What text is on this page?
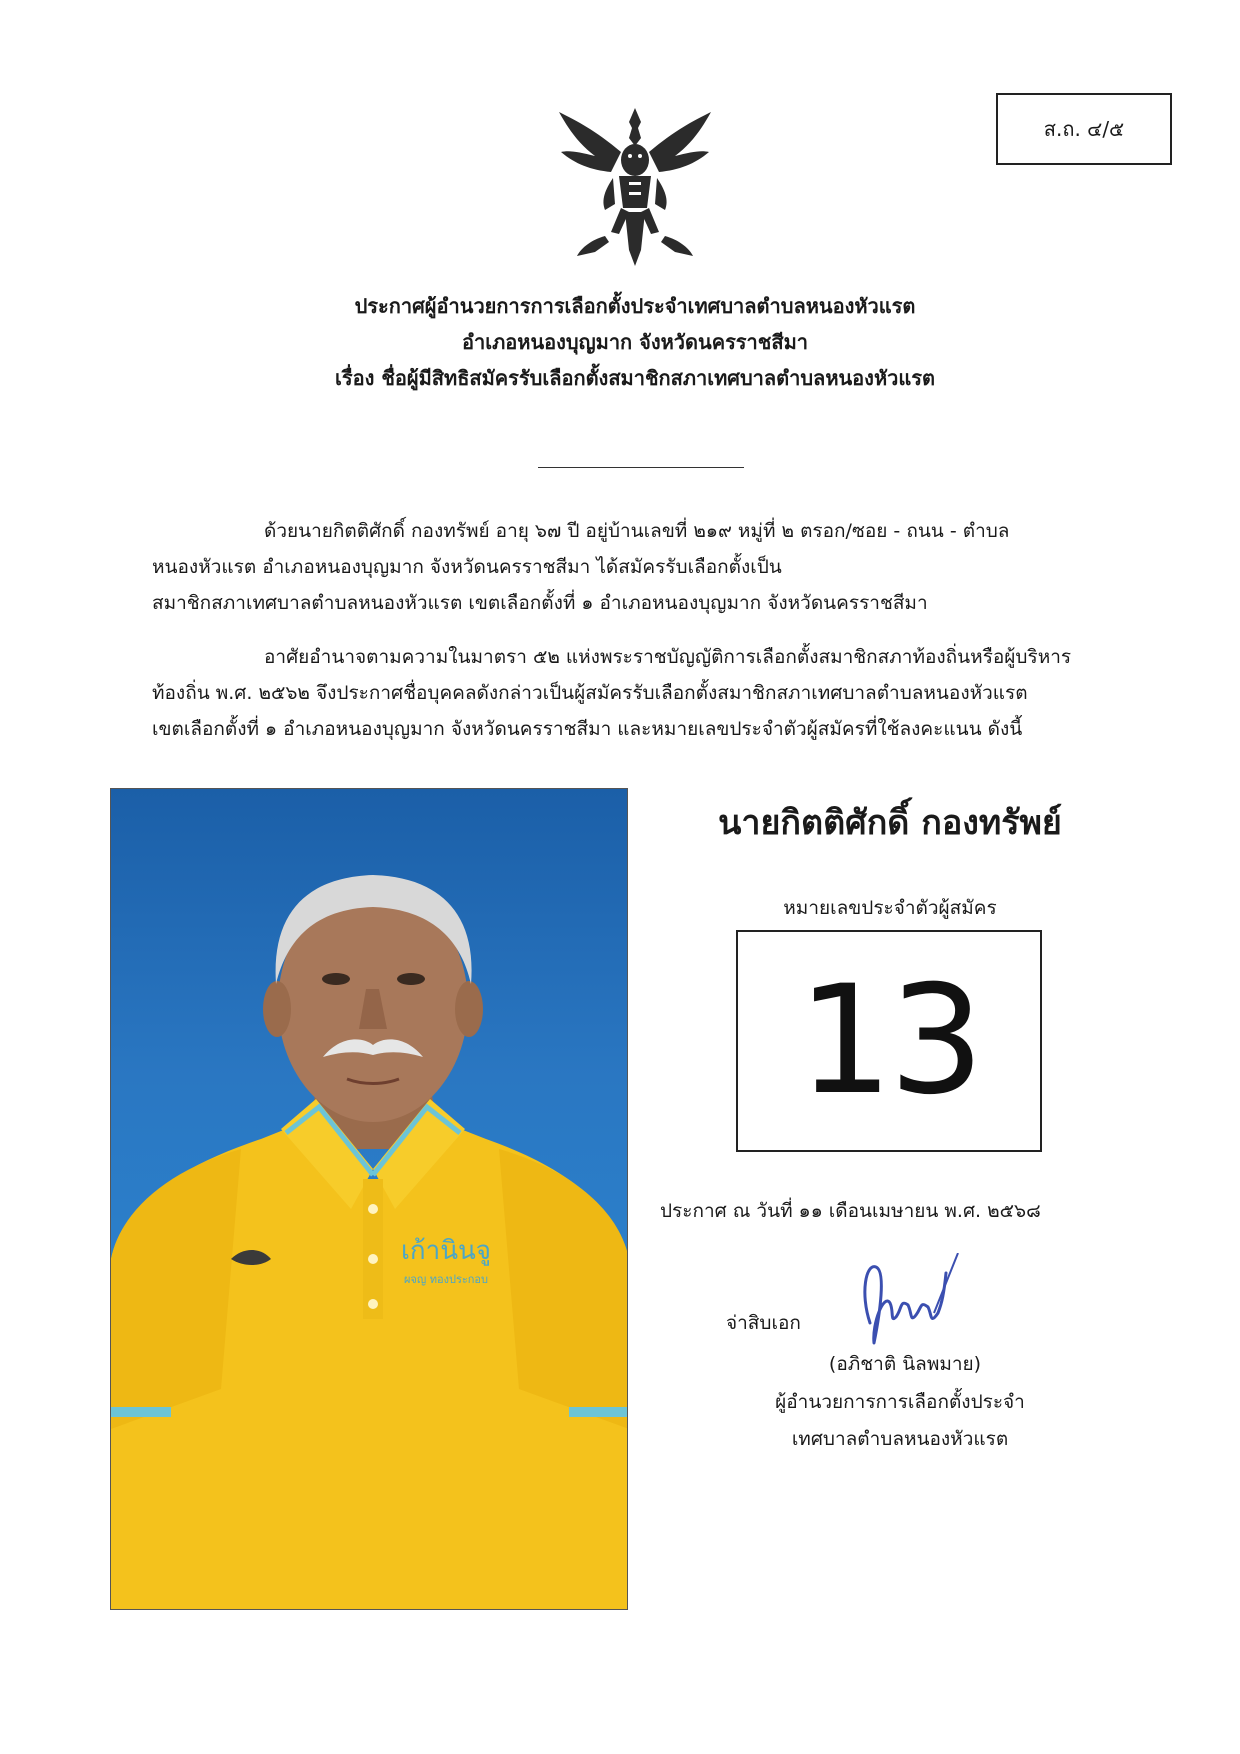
ส.ถ. ๔/๕
ประกาศผู้อำนวยการการเลือกตั้งประจำเทศบาลตำบลหนองหัวแรต
อำเภอหนองบุญมาก จังหวัดนครราชสีมา
เรื่อง ชื่อผู้มีสิทธิสมัครรับเลือกตั้งสมาชิกสภาเทศบาลตำบลหนองหัวแรต
ด้วยนายกิตติศักดิ์ กองทรัพย์ อายุ ๖๗ ปี อยู่บ้านเลขที่ ๒๑๙ หมู่ที่ ๒ ตรอก/ซอย - ถนน - ตำบล
หนองหัวแรต อำเภอหนองบุญมาก จังหวัดนครราชสีมา ได้สมัครรับเลือกตั้งเป็น
สมาชิกสภาเทศบาลตำบลหนองหัวแรต เขตเลือกตั้งที่ ๑ อำเภอหนองบุญมาก จังหวัดนครราชสีมา
อาศัยอำนาจตามความในมาตรา ๕๒ แห่งพระราชบัญญัติการเลือกตั้งสมาชิกสภาท้องถิ่นหรือผู้บริหาร
ท้องถิ่น พ.ศ. ๒๕๖๒ จึงประกาศชื่อบุคคลดังกล่าวเป็นผู้สมัครรับเลือกตั้งสมาชิกสภาเทศบาลตำบลหนองหัวแรต
เขตเลือกตั้งที่ ๑ อำเภอหนองบุญมาก จังหวัดนครราชสีมา และหมายเลขประจำตัวผู้สมัครที่ใช้ลงคะแนน ดังนี้
เก้านินจู
ผจญ ทองประกอบ
นายกิตติศักดิ์ กองทรัพย์
หมายเลขประจำตัวผู้สมัคร
13
ประกาศ ณ วันที่ ๑๑ เดือนเมษายน พ.ศ. ๒๕๖๘
จ่าสิบเอก
(อภิชาติ นิลพมาย)
ผู้อำนวยการการเลือกตั้งประจำ
เทศบาลตำบลหนองหัวแรต
